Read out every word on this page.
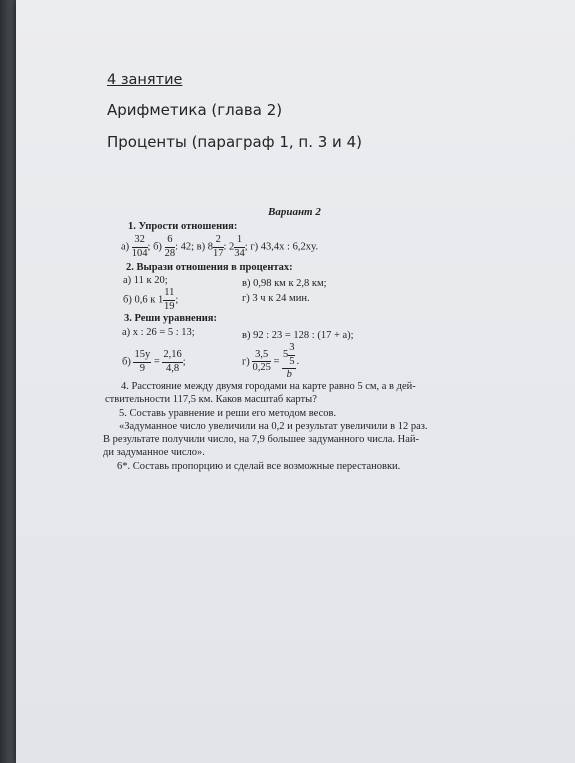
4 занятие
Арифметика (глава 2)
Проценты (параграф 1, п. 3 и 4)
Вариант 2
1. Упрости отношения:
$а) \frac{32}{104}$ ; $б) \frac{6}{28}$ : 42; в) $8 \frac{2}{17}$ : $2 \frac{1}{34}$ ; г) 43,4x : 6,2xy.
2. Вырази отношения в процентах:
а) 11 к 20;	в) 0,98 км к 2,8 км;
б) 0,6 к $1 \frac{11}{19}$ ;	г) 3 ч к 24 мин.
3. Реши уравнения:
а) x : 26 = 5 : 13;	в) 92 : 23 = 128 : (17 + a);
$б) \frac{15y}{9} = \frac{2,16}{4,8}$ ;	$г) \frac{3,5}{0,25} = \frac{5 \frac{3}{5}}{b}$ .
4. Расстояние между двумя городами на карте равно 5 см, а в дей-
ствительности 117,5 км. Каков масштаб карты?
5. Составь уравнение и реши его методом весов.
«Задуманное число увеличили на 0,2 и результат увеличили в 12 раз.
В результате получили число, на 7,9 большее задуманного числа. Най-
ди задуманное число».
6*. Составь пропорцию и сделай все возможные перестановки.
